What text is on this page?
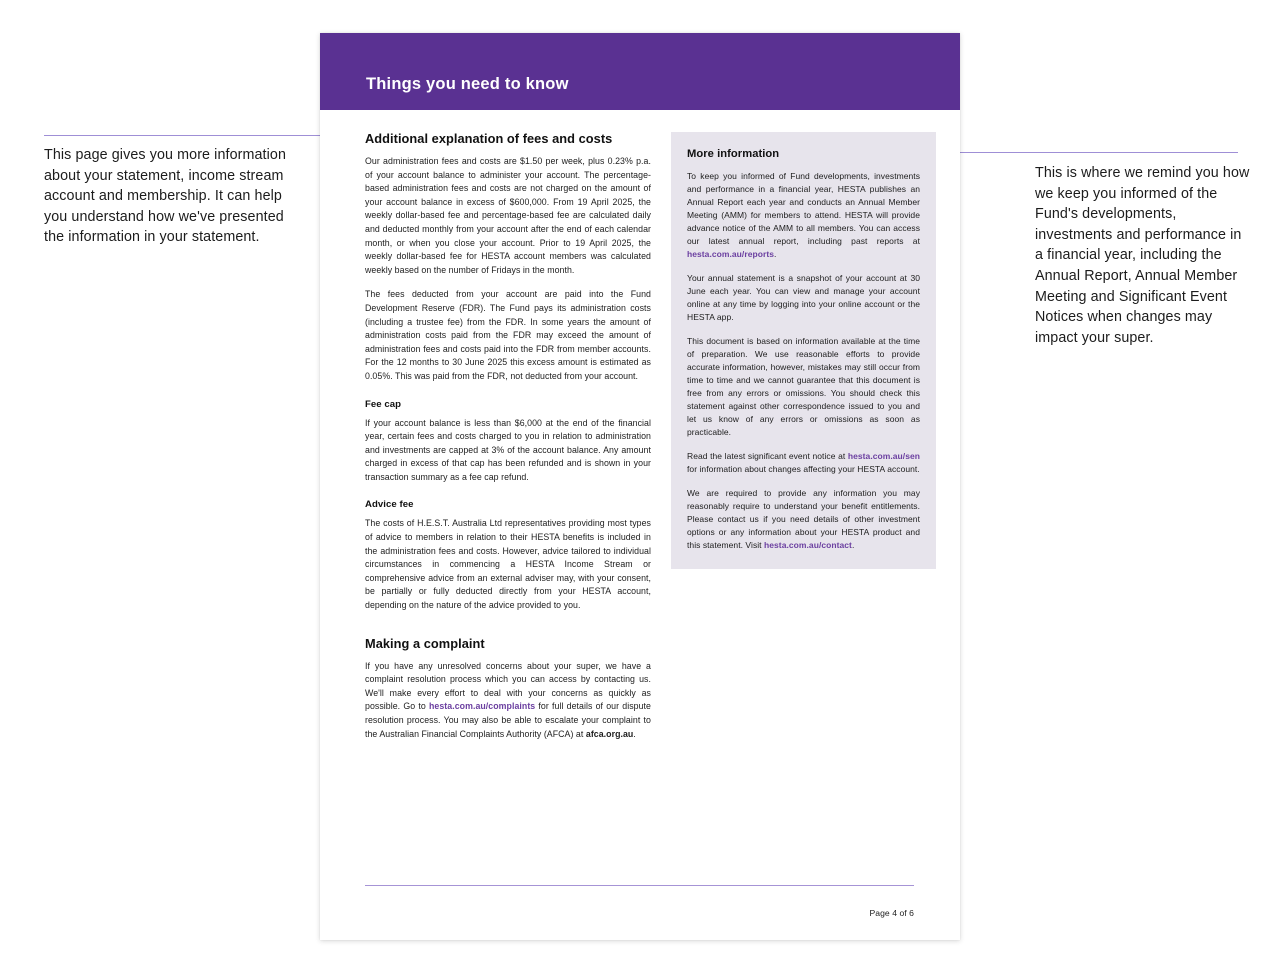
This page gives you more information about your statement, income stream account and membership. It can help you understand how we've presented the information in your statement.
This is where we remind you how we keep you informed of the Fund's developments, investments and performance in a financial year, including the Annual Report, Annual Member Meeting and Significant Event Notices when changes may impact your super.
Things you need to know
Additional explanation of fees and costs

Our administration fees and costs are $1.50 per week, plus 0.23% p.a. of your account balance to administer your account. The percentage-based administration fees and costs are not charged on the amount of your account balance in excess of $600,000. From 19 April 2025, the weekly dollar-based fee and percentage-based fee are calculated daily and deducted monthly from your account after the end of each calendar month, or when you close your account. Prior to 19 April 2025, the weekly dollar-based fee for HESTA account members was calculated weekly based on the number of Fridays in the month.

The fees deducted from your account are paid into the Fund Development Reserve (FDR). The Fund pays its administration costs (including a trustee fee) from the FDR. In some years the amount of administration costs paid from the FDR may exceed the amount of administration fees and costs paid into the FDR from member accounts. For the 12 months to 30 June 2025 this excess amount is estimated as 0.05%. This was paid from the FDR, not deducted from your account.

Fee cap

If your account balance is less than $6,000 at the end of the financial year, certain fees and costs charged to you in relation to administration and investments are capped at 3% of the account balance. Any amount charged in excess of that cap has been refunded and is shown in your transaction summary as a fee cap refund.

Advice fee

The costs of H.E.S.T. Australia Ltd representatives providing most types of advice to members in relation to their HESTA benefits is included in the administration fees and costs. However, advice tailored to individual circumstances in commencing a HESTA Income Stream or comprehensive advice from an external adviser may, with your consent, be partially or fully deducted directly from your HESTA account, depending on the nature of the advice provided to you.

Making a complaint

If you have any unresolved concerns about your super, we have a complaint resolution process which you can access by contacting us. We'll make every effort to deal with your concerns as quickly as possible. Go to hesta.com.au/complaints for full details of our dispute resolution process. You may also be able to escalate your complaint to the Australian Financial Complaints Authority (AFCA) at afca.org.au.

More information

To keep you informed of Fund developments, investments and performance in a financial year, HESTA publishes an Annual Report each year and conducts an Annual Member Meeting (AMM) for members to attend. HESTA will provide advance notice of the AMM to all members. You can access our latest annual report, including past reports at hesta.com.au/reports.

Your annual statement is a snapshot of your account at 30 June each year. You can view and manage your account online at any time by logging into your online account or the HESTA app.

This document is based on information available at the time of preparation. We use reasonable efforts to provide accurate information, however, mistakes may still occur from time to time and we cannot guarantee that this document is free from any errors or omissions. You should check this statement against other correspondence issued to you and let us know of any errors or omissions as soon as practicable.

Read the latest significant event notice at hesta.com.au/sen for information about changes affecting your HESTA account.

We are required to provide any information you may reasonably require to understand your benefit entitlements. Please contact us if you need details of other investment options or any information about your HESTA product and this statement. Visit hesta.com.au/contact.

Page 4 of 6
